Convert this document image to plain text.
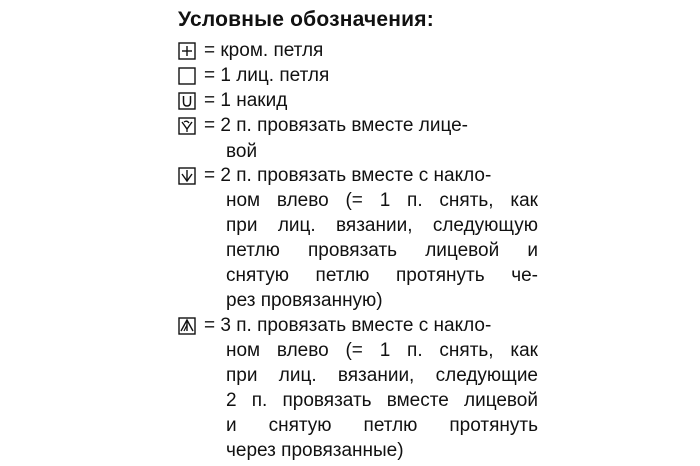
Условные обозначения:
= кром. петля
= 1 лиц. петля
= 1 накид
= 2 п. провязать вместе лице-
вой
= 2 п. провязать вместе с накло-
ном влево (= 1 п. снять, как
при лиц. вязании, следующую
петлю провязать лицевой и
снятую петлю протянуть че-
рез провязанную)
= 3 п. провязать вместе с накло-
ном влево (= 1 п. снять, как
при лиц. вязании, следующие
2 п. провязать вместе лицевой
и снятую петлю протянуть
через провязанные)
